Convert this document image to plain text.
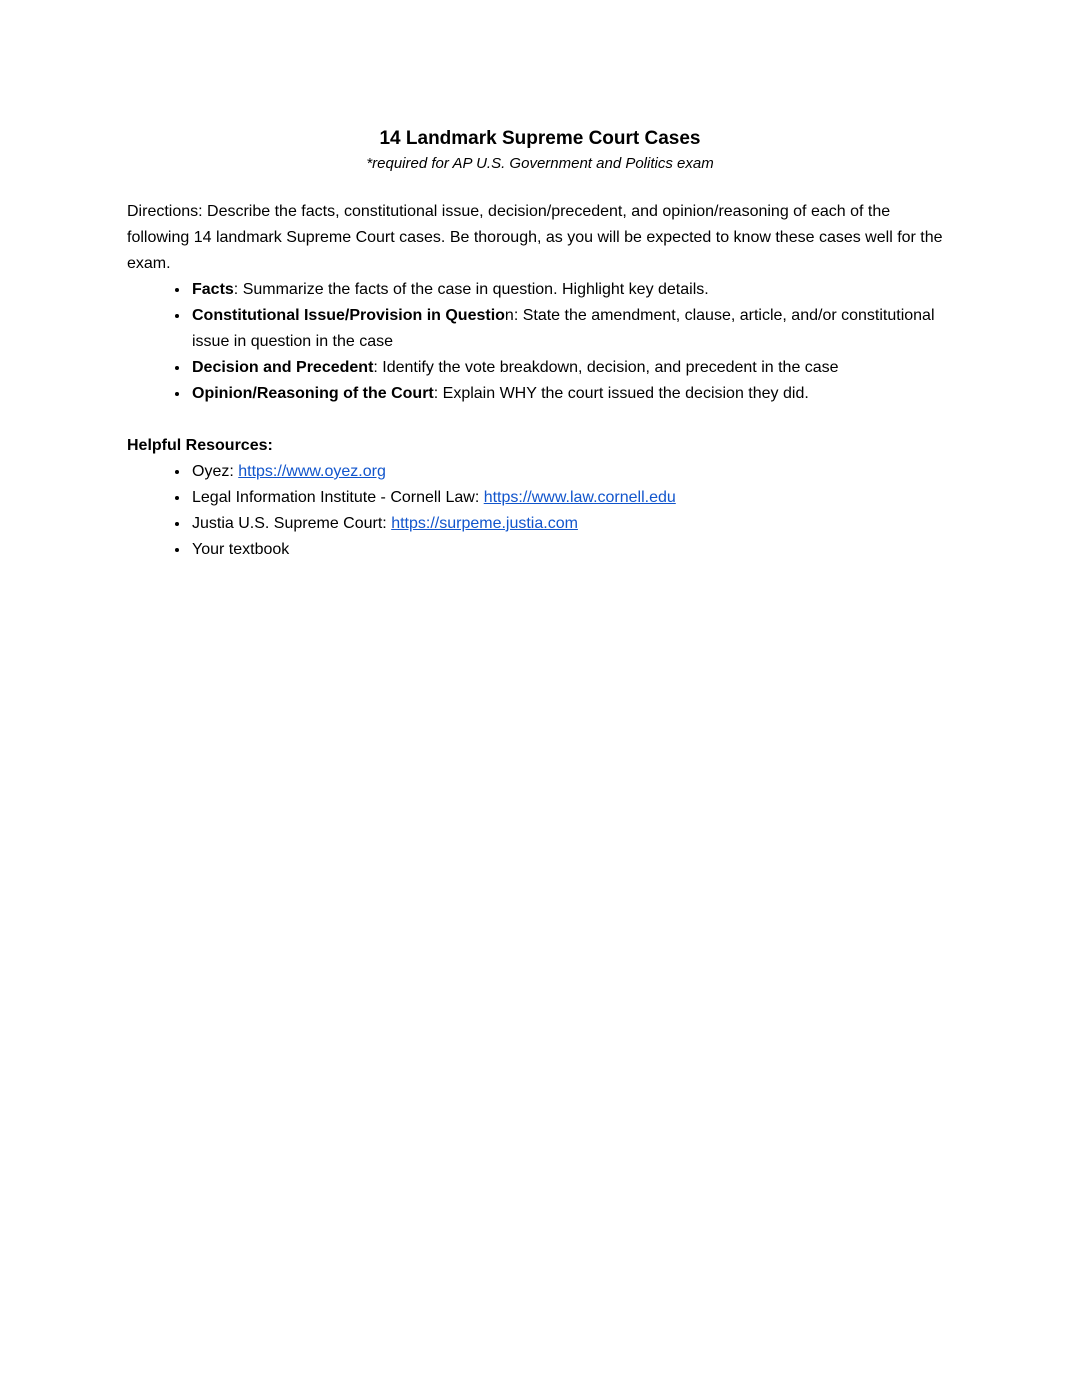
14 Landmark Supreme Court Cases

*required for AP U.S. Government and Politics exam

Directions: Describe the facts, constitutional issue, decision/precedent, and opinion/reasoning of each of the following 14 landmark Supreme Court cases. Be thorough, as you will be expected to know these cases well for the exam.

• Facts: Summarize the facts of the case in question. Highlight key details.
• Constitutional Issue/Provision in Question: State the amendment, clause, article, and/or constitutional issue in question in the case
• Decision and Precedent: Identify the vote breakdown, decision, and precedent in the case
• Opinion/Reasoning of the Court: Explain WHY the court issued the decision they did.

Helpful Resources:

• Oyez: https://www.oyez.org
• Legal Information Institute - Cornell Law: https://www.law.cornell.edu
• Justia U.S. Supreme Court: https://surpeme.justia.com
• Your textbook
